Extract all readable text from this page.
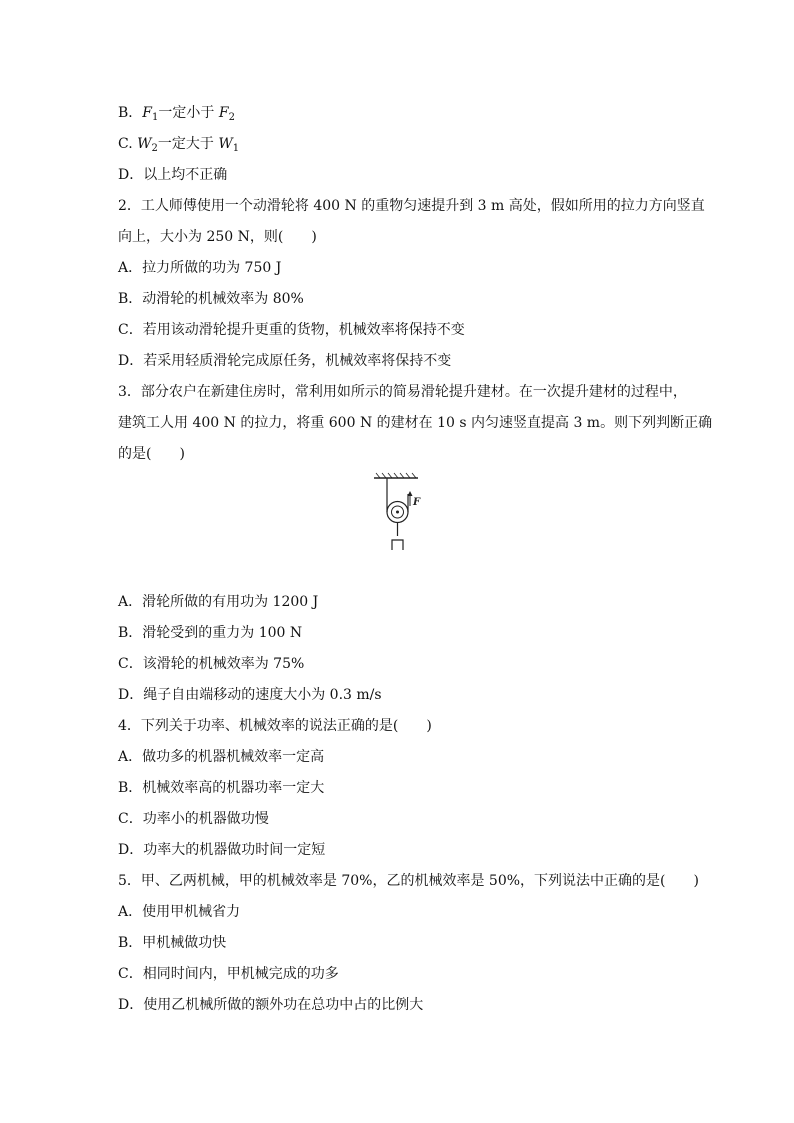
B．$F_1$一定小于 $F_2$
C. $W_2$一定大于 $W_1$
D．以上均不正确
2．工人师傅使用一个动滑轮将 400 N 的重物匀速提升到 3 m 高处，假如所用的拉力方向竖直
向上，大小为 250 N，则(　　)
A．拉力所做的功为 750 J
B．动滑轮的机械效率为 80%
C．若用该动滑轮提升更重的货物，机械效率将保持不变
D．若采用轻质滑轮完成原任务，机械效率将保持不变
3．部分农户在新建住房时，常利用如所示的简易滑轮提升建材。在一次提升建材的过程中，
建筑工人用 400 N 的拉力，将重 600 N 的建材在 10 s 内匀速竖直提高 3 m。则下列判断正确
的是(　　)
F
A．滑轮所做的有用功为 1200 J
B．滑轮受到的重力为 100 N
C．该滑轮的机械效率为 75%
D．绳子自由端移动的速度大小为 0.3 m/s
4．下列关于功率、机械效率的说法正确的是(　　)
A．做功多的机器机械效率一定高
B．机械效率高的机器功率一定大
C．功率小的机器做功慢
D．功率大的机器做功时间一定短
5．甲、乙两机械，甲的机械效率是 70%，乙的机械效率是 50%，下列说法中正确的是(　　)
A．使用甲机械省力
B．甲机械做功快
C．相同时间内，甲机械完成的功多
D．使用乙机械所做的额外功在总功中占的比例大
